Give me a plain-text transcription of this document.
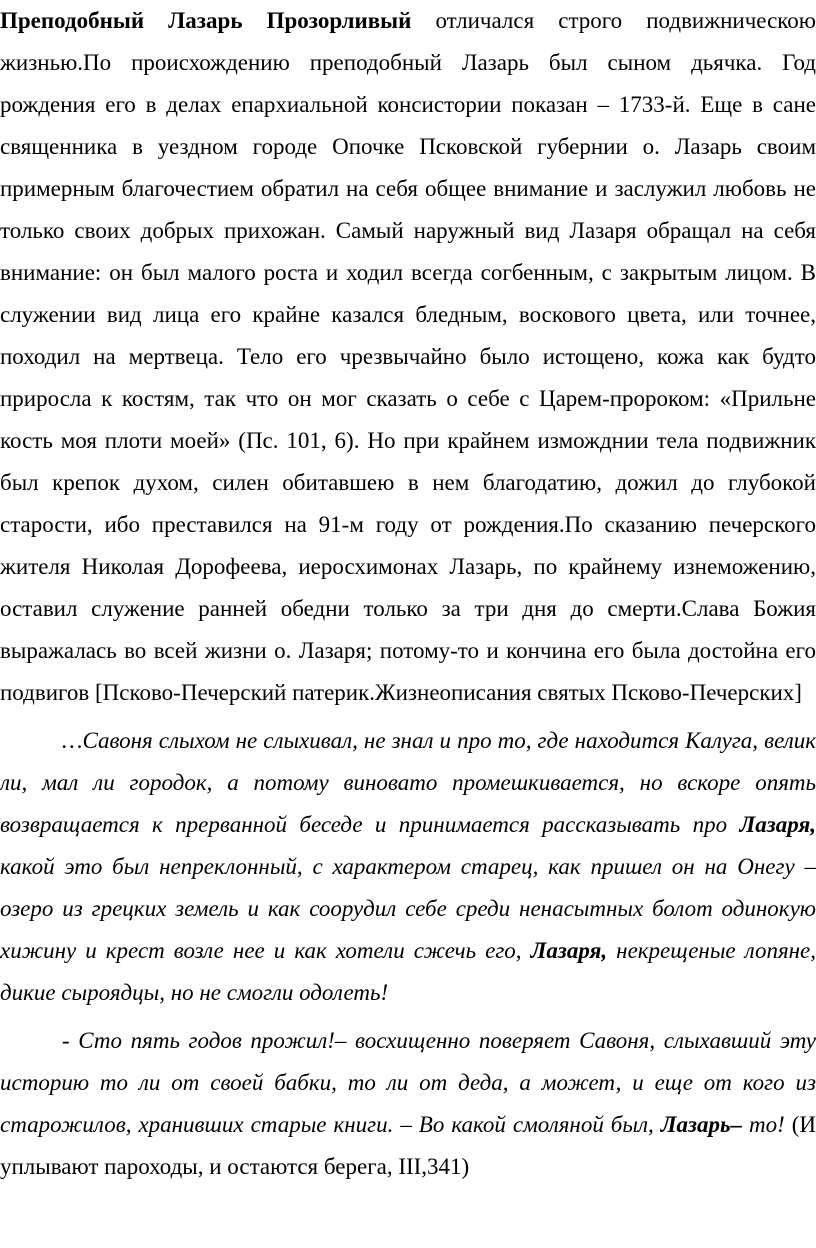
Преподобный Лазарь Прозорливый отличался строго подвижническою жизнью.По происхождению преподобный Лазарь был сыном дьячка. Год рождения его в делах епархиальной консистории показан – 1733-й. Еще в сане священника в уездном городе Опочке Псковской губернии о. Лазарь своим примерным благочестием обратил на себя общее внимание и заслужил любовь не только своих добрых прихожан. Самый наружный вид Лазаря обращал на себя внимание: он был малого роста и ходил всегда согбенным, с закрытым лицом. В служении вид лица его крайне казался бледным, воскового цвета, или точнее, походил на мертвеца. Тело его чрезвычайно было истощено, кожа как будто приросла к костям, так что он мог сказать о себе с Царем-пророком: «Прильне кость моя плоти моей» (Пс. 101, 6). Но при крайнем изможднии тела подвижник был крепок духом, силен обитавшею в нем благодатию, дожил до глубокой старости, ибо преставился на 91-м году от рождения.По сказанию печерского жителя Николая Дорофеева, иеросхимонах Лазарь, по крайнему изнеможению, оставил служение ранней обедни только за три дня до смерти.Слава Божия выражалась во всей жизни о. Лазаря; потому-то и кончина его была достойна его подвигов [Псково-Печерский патерик.Жизнеописания святых Псково-Печерских]

…Савоня слыхом не слыхивал, не знал и про то, где находится Калуга, велик ли, мал ли городок, а потому виновато промешкивается, но вскоре опять возвращается к прерванной беседе и принимается рассказывать про Лазаря, какой это был непреклонный, с характером старец, как пришел он на Онегу – озеро из грецких земель и как соорудил себе среди ненасытных болот одинокую хижину и крест возле нее и как хотели сжечь его, Лазаря, некрещеные лопяне, дикие сыроядцы, но не смогли одолеть!

- Сто пять годов прожил!– восхищенно поверяет Савоня, слыхавший эту историю то ли от своей бабки, то ли от деда, а может, и еще от кого из старожилов, хранивших старые книги. – Во какой смоляной был, Лазарь– то! (И уплывают пароходы, и остаются берега, III,341)
